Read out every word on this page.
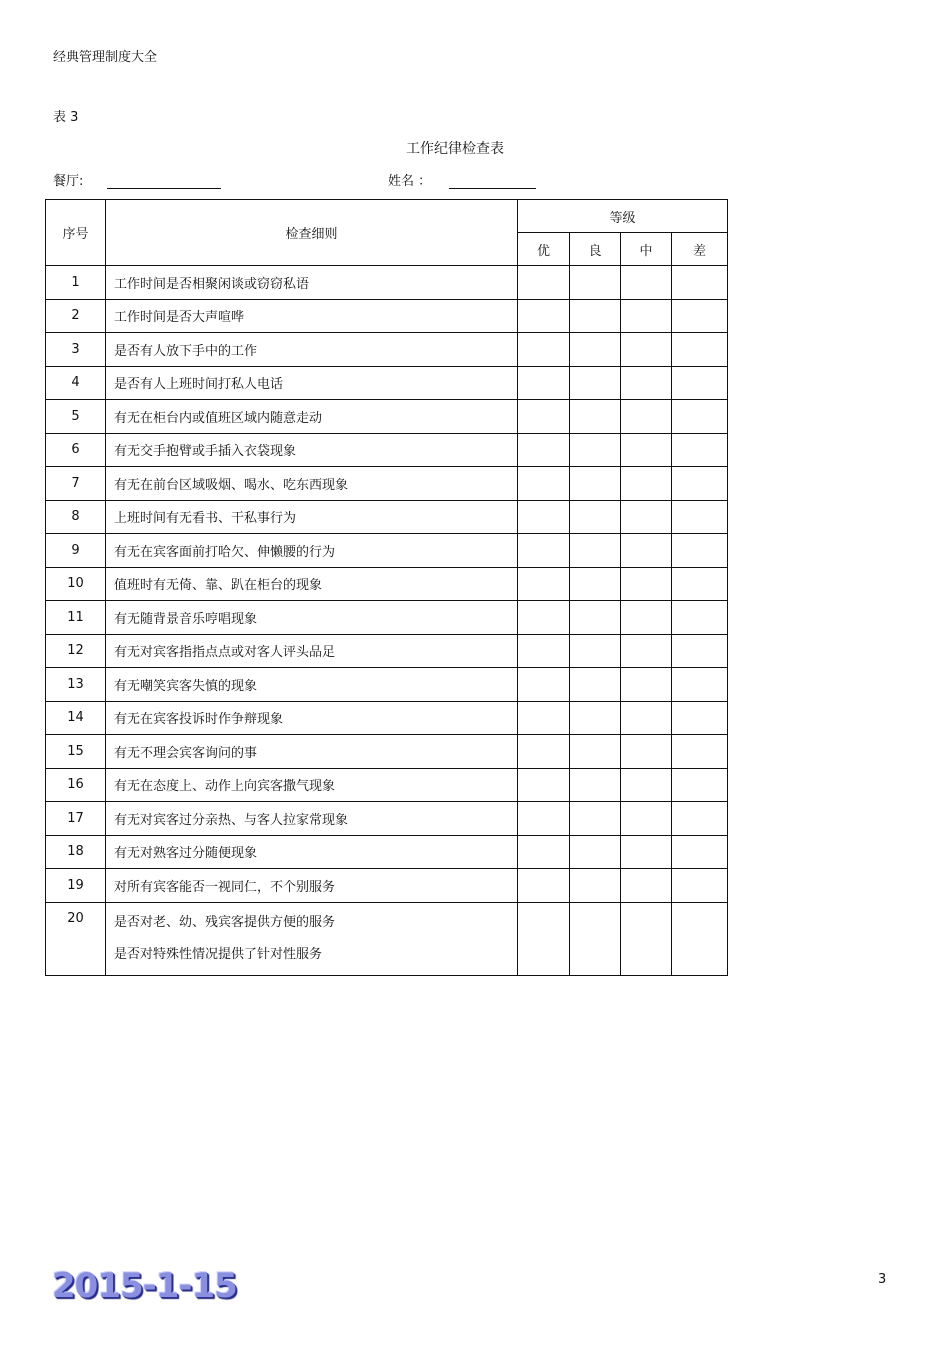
经典管理制度大全
表 3
工作纪律检查表
餐厅:	姓名 ：
序号	检查细则	等级			
		优	良	中	差
1	工作时间是否相聚闲谈或窃窃私语				
2	工作时间是否大声喧哗				
3	是否有人放下手中的工作				
4	是否有人上班时间打私人电话				
5	有无在柜台内或值班区域内随意走动				
6	有无交手抱臂或手插入衣袋现象				
7	有无在前台区域吸烟、喝水、吃东西现象				
8	上班时间有无看书、干私事行为				
9	有无在宾客面前打哈欠、伸懒腰的行为				
10	值班时有无倚、靠、趴在柜台的现象				
11	有无随背景音乐哼唱现象				
12	有无对宾客指指点点或对客人评头品足				
13	有无嘲笑宾客失慎的现象				
14	有无在宾客投诉时作争辩现象				
15	有无不理会宾客询问的事				
16	有无在态度上、动作上向宾客撒气现象				
17	有无对宾客过分亲热、与客人拉家常现象				
18	有无对熟客过分随便现象				
19	对所有宾客能否一视同仁，不个别服务				
20	是否对老、幼、残宾客提供方便的服务
是否对特殊性情况提供了针对性服务				

2015-1-15	3
